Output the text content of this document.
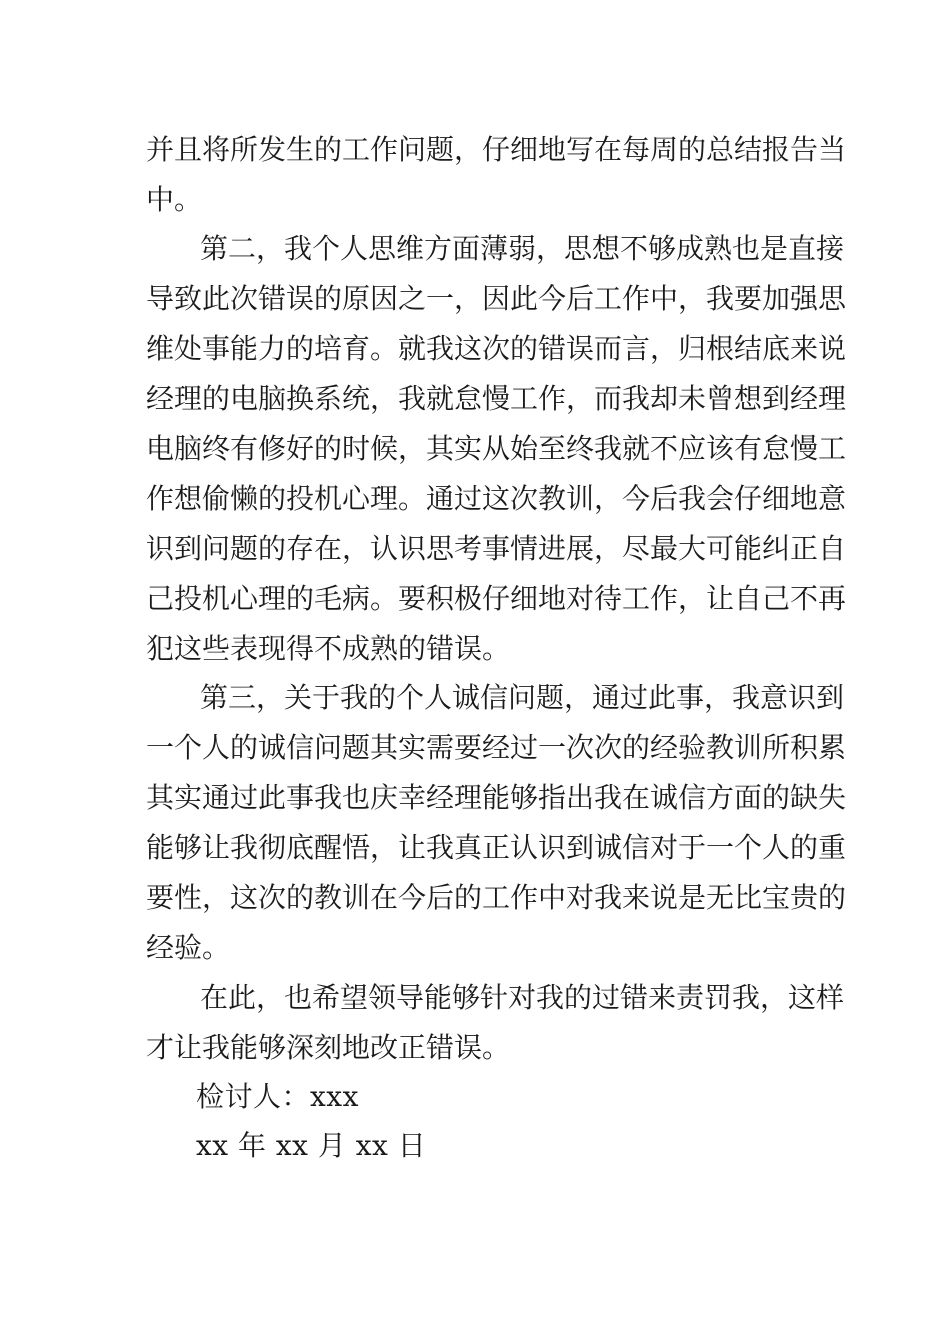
并且将所发生的工作问题，仔细地写在每周的总结报告当
中。
第二，我个人思维方面薄弱，思想不够成熟也是直接
导致此次错误的原因之一，因此今后工作中，我要加强思
维处事能力的培育。就我这次的错误而言，归根结底来说
经理的电脑换系统，我就怠慢工作，而我却未曾想到经理
电脑终有修好的时候，其实从始至终我就不应该有怠慢工
作想偷懒的投机心理。通过这次教训，今后我会仔细地意
识到问题的存在，认识思考事情进展，尽最大可能纠正自
己投机心理的毛病。要积极仔细地对待工作，让自己不再
犯这些表现得不成熟的错误。
第三，关于我的个人诚信问题，通过此事，我意识到
一个人的诚信问题其实需要经过一次次的经验教训所积累
其实通过此事我也庆幸经理能够指出我在诚信方面的缺失
能够让我彻底醒悟，让我真正认识到诚信对于一个人的重
要性，这次的教训在今后的工作中对我来说是无比宝贵的
经验。
在此，也希望领导能够针对我的过错来责罚我，这样
才让我能够深刻地改正错误。
检讨人：xxx
xx 年 xx 月 xx 日
